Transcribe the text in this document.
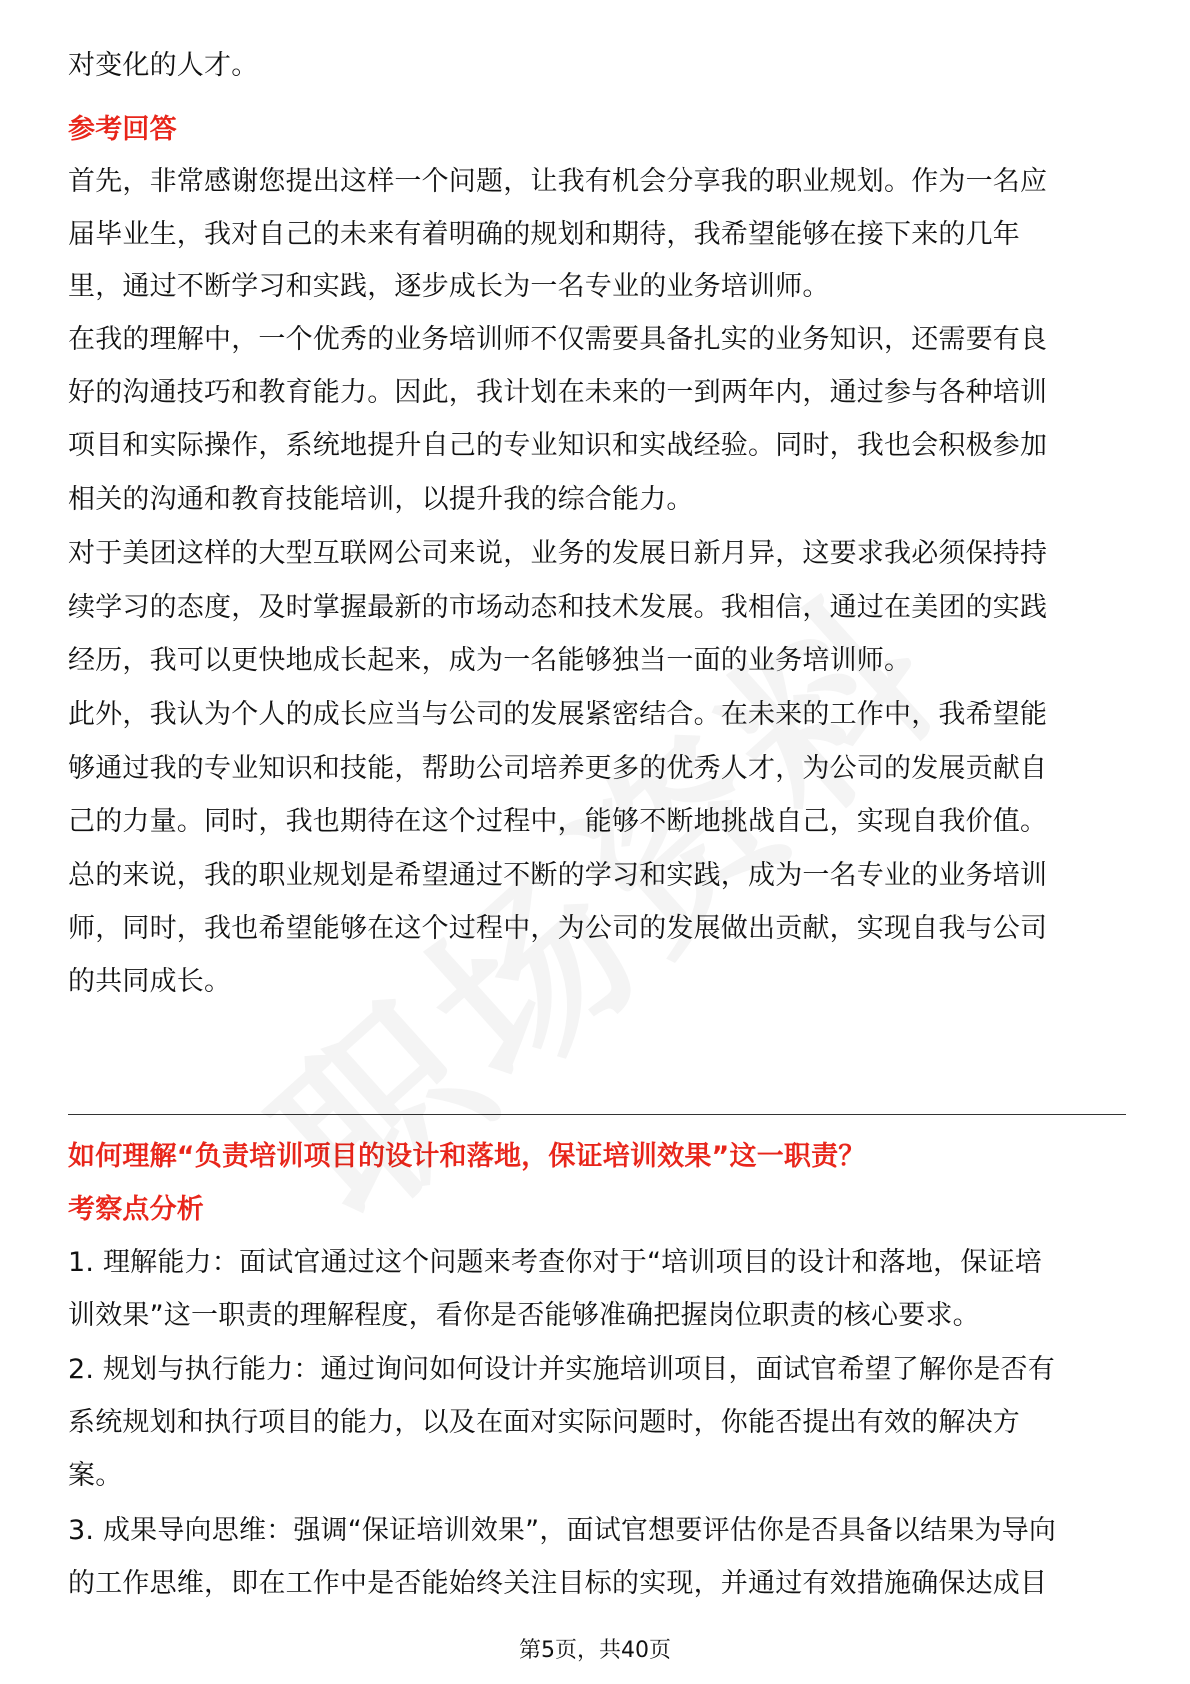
对变化的人才。
参考回答
首先，非常感谢您提出这样一个问题，让我有机会分享我的职业规划。作为一名应
届毕业生，我对自己的未来有着明确的规划和期待，我希望能够在接下来的几年
里，通过不断学习和实践，逐步成长为一名专业的业务培训师。
在我的理解中，一个优秀的业务培训师不仅需要具备扎实的业务知识，还需要有良
好的沟通技巧和教育能力。因此，我计划在未来的一到两年内，通过参与各种培训
项目和实际操作，系统地提升自己的专业知识和实战经验。同时，我也会积极参加
相关的沟通和教育技能培训，以提升我的综合能力。
对于美团这样的大型互联网公司来说，业务的发展日新月异，这要求我必须保持持
续学习的态度，及时掌握最新的市场动态和技术发展。我相信，通过在美团的实践
经历，我可以更快地成长起来，成为一名能够独当一面的业务培训师。
此外，我认为个人的成长应当与公司的发展紧密结合。在未来的工作中，我希望能
够通过我的专业知识和技能，帮助公司培养更多的优秀人才，为公司的发展贡献自
己的力量。同时，我也期待在这个过程中，能够不断地挑战自己，实现自我价值。
总的来说，我的职业规划是希望通过不断的学习和实践，成为一名专业的业务培训
师，同时，我也希望能够在这个过程中，为公司的发展做出贡献，实现自我与公司
的共同成长。
如何理解“负责培训项目的设计和落地，保证培训效果”这一职责？
考察点分析
1. 理解能力：面试官通过这个问题来考查你对于“培训项目的设计和落地，保证培
训效果”这一职责的理解程度，看你是否能够准确把握岗位职责的核心要求。
2. 规划与执行能力：通过询问如何设计并实施培训项目，面试官希望了解你是否有
系统规划和执行项目的能力，以及在面对实际问题时，你能否提出有效的解决方
案。
3. 成果导向思维：强调“保证培训效果”，面试官想要评估你是否具备以结果为导向
的工作思维，即在工作中是否能始终关注目标的实现，并通过有效措施确保达成目
第5页，共40页
